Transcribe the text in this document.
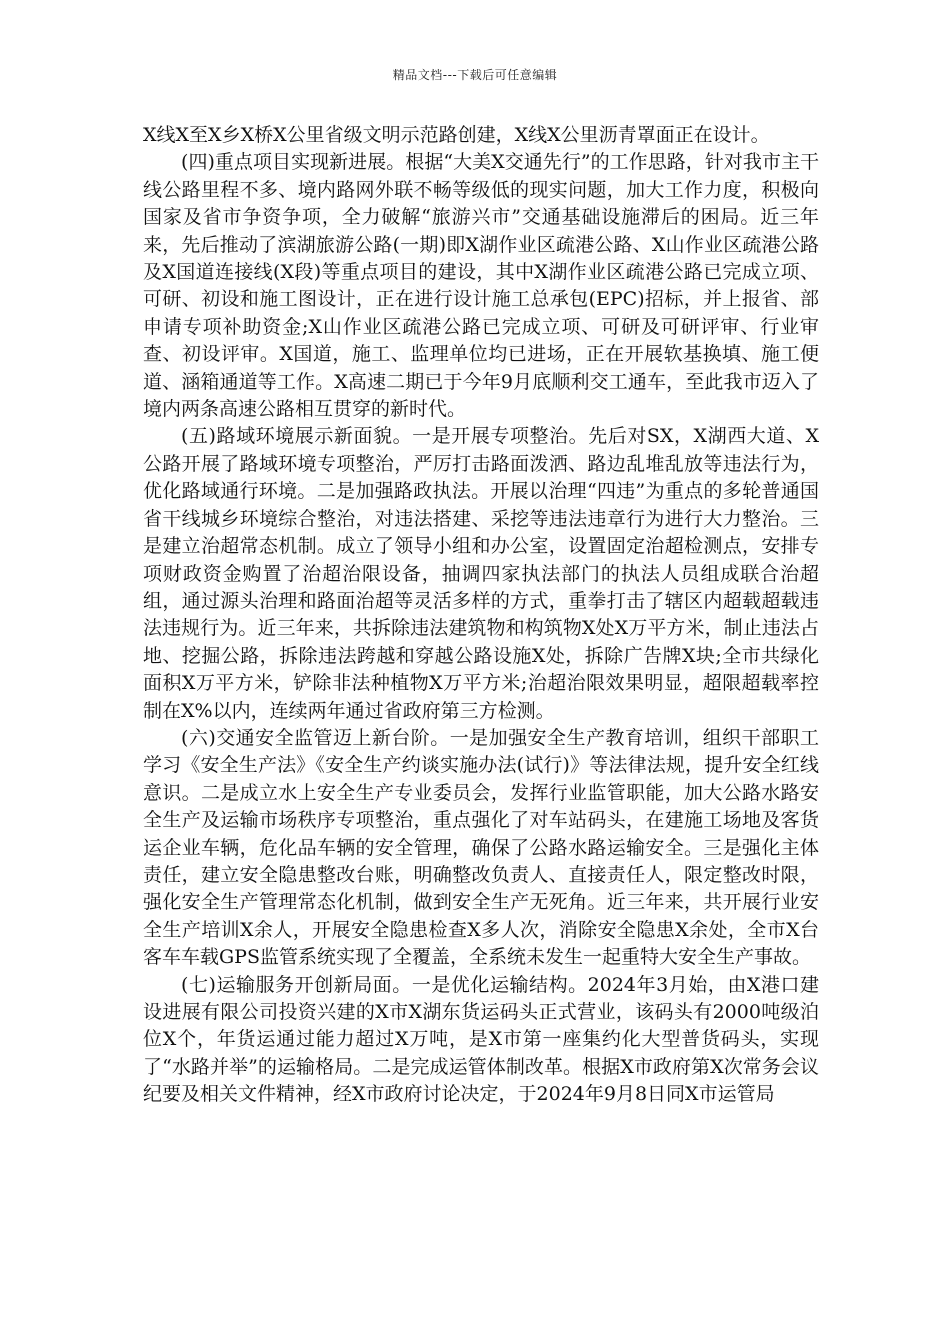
精品文档---下载后可任意编辑

X线X至X乡X桥X公里省级文明示范路创建，X线X公里沥青罩面正在设计。

(四)重点项目实现新进展。根据“大美X交通先行”的工作思路，针对我市主干线公路里程不多、境内路网外联不畅等级低的现实问题，加大工作力度，积极向国家及省市争资争项，全力破解“旅游兴市”交通基础设施滞后的困局。近三年来，先后推动了滨湖旅游公路(一期)即X湖作业区疏港公路、X山作业区疏港公路及X国道连接线(X段)等重点项目的建设，其中X湖作业区疏港公路已完成立项、可研、初设和施工图设计，正在进行设计施工总承包(EPC)招标，并上报省、部申请专项补助资金;X山作业区疏港公路已完成立项、可研及可研评审、行业审查、初设评审。X国道，施工、监理单位均已进场，正在开展软基换填、施工便道、涵箱通道等工作。X高速二期已于今年9月底顺利交工通车，至此我市迈入了境内两条高速公路相互贯穿的新时代。

(五)路域环境展示新面貌。一是开展专项整治。先后对SX，X湖西大道、X公路开展了路域环境专项整治，严厉打击路面泼洒、路边乱堆乱放等违法行为，优化路域通行环境。二是加强路政执法。开展以治理“四违”为重点的多轮普通国省干线城乡环境综合整治，对违法搭建、采挖等违法违章行为进行大力整治。三是建立治超常态机制。成立了领导小组和办公室，设置固定治超检测点，安排专项财政资金购置了治超治限设备，抽调四家执法部门的执法人员组成联合治超组，通过源头治理和路面治超等灵活多样的方式，重拳打击了辖区内超载超载违法违规行为。近三年来，共拆除违法建筑物和构筑物X处X万平方米，制止违法占地、挖掘公路，拆除违法跨越和穿越公路设施X处，拆除广告牌X块;全市共绿化面积X万平方米，铲除非法种植物X万平方米;治超治限效果明显，超限超载率控制在X%以内，连续两年通过省政府第三方检测。

(六)交通安全监管迈上新台阶。一是加强安全生产教育培训，组织干部职工学习《安全生产法》《安全生产约谈实施办法(试行)》等法律法规，提升安全红线意识。二是成立水上安全生产专业委员会，发挥行业监管职能，加大公路水路安全生产及运输市场秩序专项整治，重点强化了对车站码头，在建施工场地及客货运企业车辆，危化品车辆的安全管理，确保了公路水路运输安全。三是强化主体责任，建立安全隐患整改台账，明确整改负责人、直接责任人，限定整改时限，强化安全生产管理常态化机制，做到安全生产无死角。近三年来，共开展行业安全生产培训X余人，开展安全隐患检查X多人次，消除安全隐患X余处，全市X台客车车载GPS监管系统实现了全覆盖，全系统未发生一起重特大安全生产事故。

(七)运输服务开创新局面。一是优化运输结构。2024年3月始，由X港口建设进展有限公司投资兴建的X市X湖东货运码头正式营业，该码头有2000吨级泊位X个，年货运通过能力超过X万吨，是X市第一座集约化大型普货码头，实现了“水路并举”的运输格局。二是完成运管体制改革。根据X市政府第X次常务会议纪要及相关文件精神，经X市政府讨论决定，于2024年9月8日同X市运管局
